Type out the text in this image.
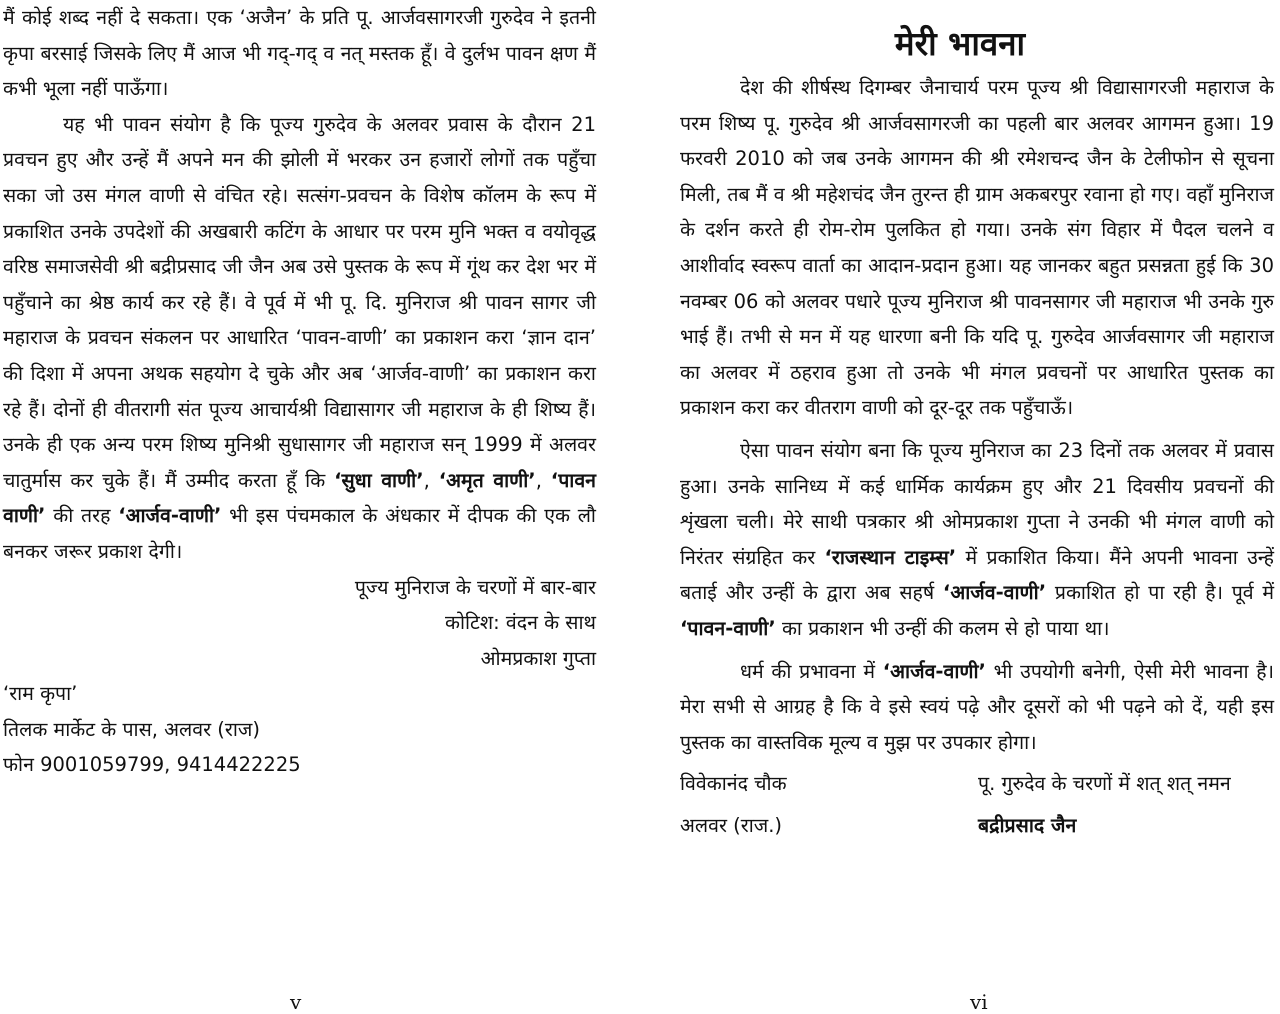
मैं कोई शब्द नहीं दे सकता। एक ‘अजैन’ के प्रति पू. आर्जवसागरजी गुरुदेव ने इतनी कृपा बरसाई जिसके लिए मैं आज भी गद्-गद् व नत् मस्तक हूँ। वे दुर्लभ पावन क्षण मैं कभी भूला नहीं पाऊँगा।

यह भी पावन संयोग है कि पूज्य गुरुदेव के अलवर प्रवास के दौरान 21 प्रवचन हुए और उन्हें मैं अपने मन की झोली में भरकर उन हजारों लोगों तक पहुँचा सका जो उस मंगल वाणी से वंचित रहे। सत्संग-प्रवचन के विशेष कॉलम के रूप में प्रकाशित उनके उपदेशों की अखबारी कटिंग के आधार पर परम मुनि भक्त व वयोवृद्ध वरिष्ठ समाजसेवी श्री बद्रीप्रसाद जी जैन अब उसे पुस्तक के रूप में गूंथ कर देश भर में पहुँचाने का श्रेष्ठ कार्य कर रहे हैं। वे पूर्व में भी पू. दि. मुनिराज श्री पावन सागर जी महाराज के प्रवचन संकलन पर आधारित ‘पावन-वाणी’ का प्रकाशन करा ‘ज्ञान दान’ की दिशा में अपना अथक सहयोग दे चुके और अब ‘आर्जव-वाणी’ का प्रकाशन करा रहे हैं। दोनों ही वीतरागी संत पूज्य आचार्यश्री विद्यासागर जी महाराज के ही शिष्य हैं। उनके ही एक अन्य परम शिष्य मुनिश्री सुधासागर जी महाराज सन् 1999 में अलवर चातुर्मास कर चुके हैं। मैं उम्मीद करता हूँ कि ‘सुधा वाणी’, ‘अमृत वाणी’, ‘पावन वाणी’ की तरह ‘आर्जव-वाणी’ भी इस पंचमकाल के अंधकार में दीपक की एक लौ बनकर जरूर प्रकाश देगी।

पूज्य मुनिराज के चरणों में बार-बार
कोटिश: वंदन के साथ
ओमप्रकाश गुप्ता
‘राम कृपा’
तिलक मार्केट के पास, अलवर (राज)
फोन 9001059799, 9414422225
v
मेरी भावना

देश की शीर्षस्थ दिगम्बर जैनाचार्य परम पूज्य श्री विद्यासागरजी महाराज के परम शिष्य पू. गुरुदेव श्री आर्जवसागरजी का पहली बार अलवर आगमन हुआ। 19 फरवरी 2010 को जब उनके आगमन की श्री रमेशचन्द जैन के टेलीफोन से सूचना मिली, तब मैं व श्री महेशचंद जैन तुरन्त ही ग्राम अकबरपुर रवाना हो गए। वहाँ मुनिराज के दर्शन करते ही रोम-रोम पुलकित हो गया। उनके संग विहार में पैदल चलने व आशीर्वाद स्वरूप वार्ता का आदान-प्रदान हुआ। यह जानकर बहुत प्रसन्नता हुई कि 30 नवम्बर 06 को अलवर पधारे पूज्य मुनिराज श्री पावनसागर जी महाराज भी उनके गुरु भाई हैं। तभी से मन में यह धारणा बनी कि यदि पू. गुरुदेव आर्जवसागर जी महाराज का अलवर में ठहराव हुआ तो उनके भी मंगल प्रवचनों पर आधारित पुस्तक का प्रकाशन करा कर वीतराग वाणी को दूर-दूर तक पहुँचाऊँ।

ऐसा पावन संयोग बना कि पूज्य मुनिराज का 23 दिनों तक अलवर में प्रवास हुआ। उनके सानिध्य में कई धार्मिक कार्यक्रम हुए और 21 दिवसीय प्रवचनों की शृंखला चली। मेरे साथी पत्रकार श्री ओमप्रकाश गुप्ता ने उनकी भी मंगल वाणी को निरंतर संग्रहित कर ‘राजस्थान टाइम्स’ में प्रकाशित किया। मैंने अपनी भावना उन्हें बताई और उन्हीं के द्वारा अब सहर्ष ‘आर्जव-वाणी’ प्रकाशित हो पा रही है। पूर्व में ‘पावन-वाणी’ का प्रकाशन भी उन्हीं की कलम से हो पाया था।

धर्म की प्रभावना में ‘आर्जव-वाणी’ भी उपयोगी बनेगी, ऐसी मेरी भावना है। मेरा सभी से आग्रह है कि वे इसे स्वयं पढ़े और दूसरों को भी पढ़ने को दें, यही इस पुस्तक का वास्तविक मूल्य व मुझ पर उपकार होगा।

विवेकानंद चौक	पू. गुरुदेव के चरणों में शत् शत् नमन
अलवर (राज.)	बद्रीप्रसाद जैन
vi
